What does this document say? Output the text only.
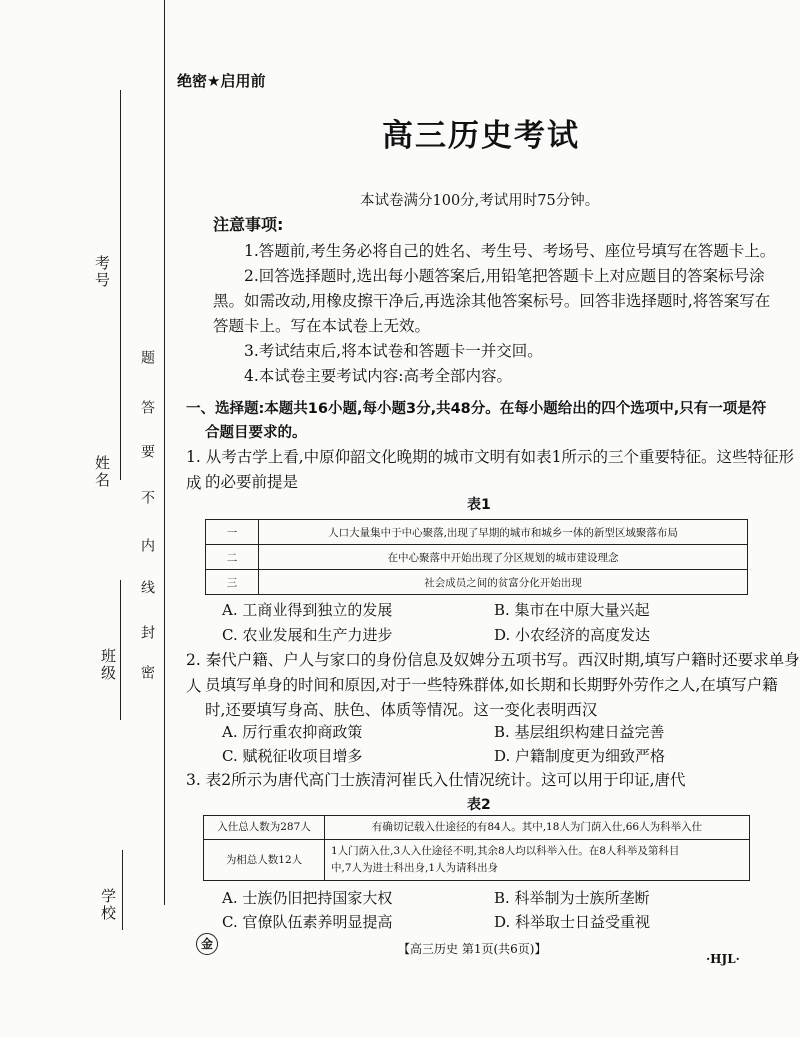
考号
姓名
班级
学校
题
答
要
不
内
线
封
密
绝密★启用前
高三历史考试
本试卷满分100分,考试用时75分钟。
注意事项:

1.答题前,考生务必将自己的姓名、考生号、考场号、座位号填写在答题卡上。

2.回答选择题时,选出每小题答案后,用铅笔把答题卡上对应题目的答案标号涂

黑。如需改动,用橡皮擦干净后,再选涂其他答案标号。回答非选择题时,将答案写在

答题卡上。写在本试卷上无效。

3.考试结束后,将本试卷和答题卡一并交回。

4.本试卷主要考试内容:高考全部内容。

一、选择题:本题共16小题,每小题3分,共48分。在每小题给出的四个选项中,只有一项是符

合题目要求的。

1. 从考古学上看,中原仰韶文化晚期的城市文明有如表1所示的三个重要特征。这些特征形成 的必要前提是

表1
一	人口大量集中于中心聚落,出现了早期的城市和城乡一体的新型区域聚落布局
二	在中心聚落中开始出现了分区规划的城市建设理念
三	社会成员之间的贫富分化开始出现
A. 工商业得到独立的发展	B. 集市在中原大量兴起
C. 农业发展和生产力进步	D. 小农经济的高度发达

2. 秦代户籍、户人与家口的身份信息及奴婢分五项书写。西汉时期,填写户籍时还要求单身人 员填写单身的时间和原因,对于一些特殊群体,如长期和长期野外劳作之人,在填写户籍

时,还要填写身高、肤色、体质等情况。这一变化表明西汉

A. 厉行重农抑商政策	B. 基层组织构建日益完善
C. 赋税征收项目增多	D. 户籍制度更为细致严格

3. 表2所示为唐代高门士族清河崔氏入仕情况统计。这可以用于印证,唐代

表2
入仕总人数为287人	有确切记载入仕途径的有84人。其中,18人为门荫入仕,66人为科举入仕
为相总人数12人	1人门荫入仕,3人入仕途径不明,其余8人均以科举入仕。在8人科举及第科目
中,7人为进士科出身,1人为请科出身
A. 士族仍旧把持国家大权	B. 科举制为士族所垄断
C. 官僚队伍素养明显提高	D. 科举取士日益受重视
金	【高三历史 第1页(共6页)】
·HJL·
